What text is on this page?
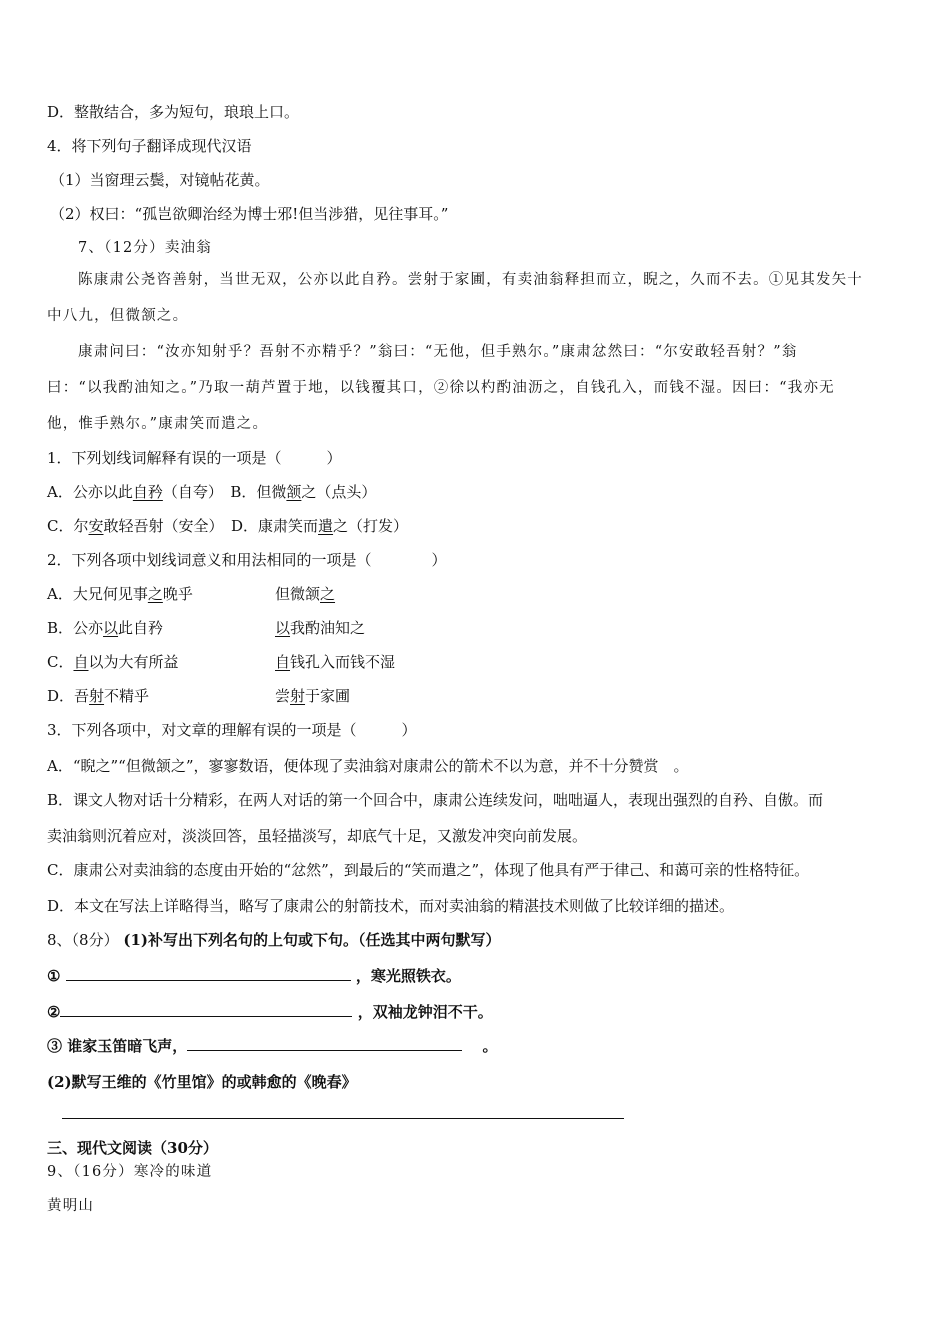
D．整散结合，多为短句，琅琅上口。
4．将下列句子翻译成现代汉语
（1）当窗理云鬓，对镜帖花黄。
（2）权曰：“孤岂欲卿治经为博士邪!但当涉猎，见往事耳。”
7、（12分）卖油翁
陈康肃公尧咨善射，当世无双，公亦以此自矜。尝射于家圃，有卖油翁释担而立，睨之，久而不去。①见其发矢十
中八九，但微颔之。
康肃问曰：“汝亦知射乎？吾射不亦精乎？”翁曰：“无他，但手熟尔。”康肃忿然曰：“尔安敢轻吾射？”翁
曰：“以我酌油知之。”乃取一葫芦置于地，以钱覆其口，②徐以杓酌油沥之，自钱孔入，而钱不湿。因曰：“我亦无
他，惟手熟尔。”康肃笑而遣之。
1．下列划线词解释有误的一项是（　　　）
A．公亦以此自矜（自夸）　B．但微颔之（点头）
C．尔安敢轻吾射（安全）　D．康肃笑而遣之（打发）
2．下列各项中划线词意义和用法相同的一项是（　　　　）
A．大兄何见事之晚乎	但微颔之
B．公亦以此自矜	以我酌油知之
C．自以为大有所益	自钱孔入而钱不湿
D．吾射不精乎	尝射于家圃
3．下列各项中，对文章的理解有误的一项是（　　　）
A．“睨之”“但微颔之”，寥寥数语，便体现了卖油翁对康肃公的箭术不以为意，并不十分赞赏　。
B．课文人物对话十分精彩，在两人对话的第一个回合中，康肃公连续发问，咄咄逼人，表现出强烈的自矜、自傲。而
卖油翁则沉着应对，淡淡回答，虽轻描淡写，却底气十足，又激发冲突向前发展。
C．康肃公对卖油翁的态度由开始的“忿然”，到最后的“笑而遣之”，体现了他具有严于律己、和蔼可亲的性格特征。
D．本文在写法上详略得当，略写了康肃公的射箭技术，而对卖油翁的精湛技术则做了比较详细的描述。
8、（8分） (1)补写出下列名句的上句或下句。（任选其中两句默写）
①	，寒光照铁衣。
②	，双袖龙钟泪不干。
③ 谁家玉笛暗飞声，　	。
(2)默写王维的《竹里馆》的或韩愈的《晚春》
三、现代文阅读（30分）
9、（16分）寒冷的味道
黄明山
